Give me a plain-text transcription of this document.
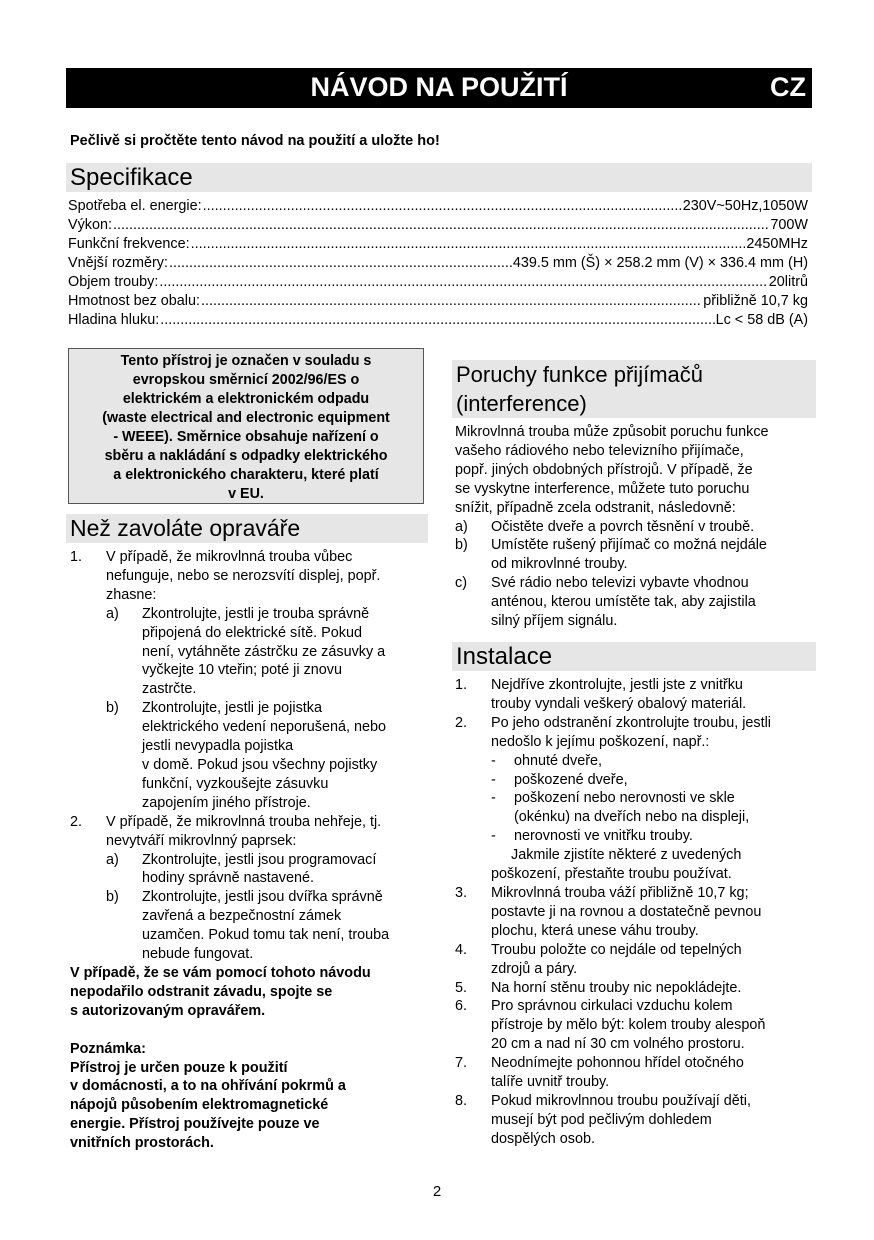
NÁVOD NA POUŽITÍ	CZ
Pečlivě si pročtěte tento návod na použití a uložte ho!
Specifikace
Spotřeba el. energie: .....	230V~50Hz,1050W
Výkon: .....	700W
Funkční frekvence: .....	2450MHz
Vnější rozměry: .....	439.5 mm (Š) × 258.2 mm (V) × 336.4 mm (H)
Objem trouby: .....	20litrů
Hmotnost bez obalu: .....	přibližně 10,7 kg
Hladina hluku: .....	Lc < 58 dB (A)
Tento přístroj je označen v souladu s
evropskou směrnicí 2002/96/ES o
elektrickém a elektronickém odpadu
(waste electrical and electronic equipment
- WEEE). Směrnice obsahuje nařízení o
sběru a nakládání s odpadky elektrického
a elektronického charakteru, které platí
v EU.
Než zavoláte opraváře
1.	V případě, že mikrovlnná trouba vůbec
nefunguje, nebo se nerozsvítí displej, popř.
zhasne:
a)	Zkontrolujte, jestli je trouba správně
připojená do elektrické sítě. Pokud
není, vytáhněte zástrčku ze zásuvky a
vyčkejte 10 vteřin; poté ji znovu
zastrčte.
b)	Zkontrolujte, jestli je pojistka
elektrického vedení neporušená, nebo
jestli nevypadla pojistka
v domě. Pokud jsou všechny pojistky
funkční, vyzkoušejte zásuvku
zapojením jiného přístroje.
2.	V případě, že mikrovlnná trouba nehřeje, tj.
nevytváří mikrovlnný paprsek:
a)	Zkontrolujte, jestli jsou programovací
hodiny správně nastavené.
b)	Zkontrolujte, jestli jsou dvířka správně
zavřená a bezpečnostní zámek
uzamčen. Pokud tomu tak není, trouba
nebude fungovat.
V případě, že se vám pomocí tohoto návodu
nepodařilo odstranit závadu, spojte se
s autorizovaným opravářem.
Poznámka:
Přístroj je určen pouze k použití
v domácnosti, a to na ohřívání pokrmů a
nápojů působením elektromagnetické
energie. Přístroj používejte pouze ve
vnitřních prostorách.
Poruchy funkce přijímačů
(interference)
Mikrovlnná trouba může způsobit poruchu funkce
vašeho rádiového nebo televizního přijímače,
popř. jiných obdobných přístrojů. V případě, že
se vyskytne interference, můžete tuto poruchu
snížit, případně zcela odstranit, následovně:
a)	Očistěte dveře a povrch těsnění v troubě.
b)	Umístěte rušený přijímač co možná nejdále
od mikrovlnné trouby.
c)	Své rádio nebo televizi vybavte vhodnou
anténou, kterou umístěte tak, aby zajistila
silný příjem signálu.
Instalace
1.	Nejdříve zkontrolujte, jestli jste z vnitřku
trouby vyndali veškerý obalový materiál.
2.	Po jeho odstranění zkontrolujte troubu, jestli
nedošlo k jejímu poškození, např.:
-	ohnuté dveře,
-	poškozené dveře,
-	poškození nebo nerovnosti ve skle
(okénku) na dveřích nebo na displeji,
-	nerovnosti ve vnitřku trouby.
Jakmile zjistíte některé z uvedených
poškození, přestaňte troubu používat.
3.	Mikrovlnná trouba váží přibližně 10,7 kg;
postavte ji na rovnou a dostatečně pevnou
plochu, která unese váhu trouby.
4.	Troubu položte co nejdále od tepelných
zdrojů a páry.
5.	Na horní stěnu trouby nic nepokládejte.
6.	Pro správnou cirkulaci vzduchu kolem
přístroje by mělo být: kolem trouby alespoň
20 cm a nad ní 30 cm volného prostoru.
7.	Neodnímejte pohonnou hřídel otočného
talíře uvnitř trouby.
8.	Pokud mikrovlnnou troubu používají děti,
musejí být pod pečlivým dohledem
dospělých osob.
2
